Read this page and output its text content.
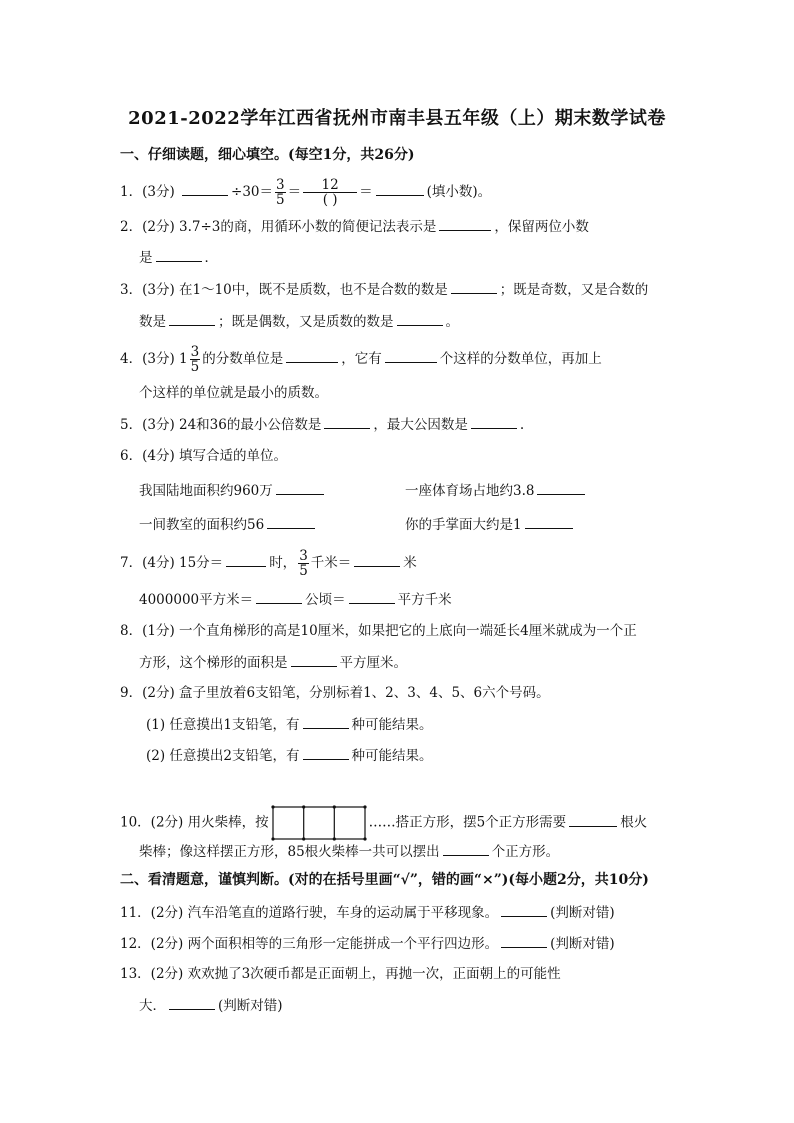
2021-2022学年江西省抚州市南丰县五年级（上）期末数学试卷
一、仔细读题，细心填空。(每空1分，共26分)
1．(3分)	$\div 30= \frac{3}{5} = \frac{12}{( )}$ ＝	(填小数)。
2．(2分) 3.7÷3的商，用循环小数的简便记法表示是	，保留两位小数
是	．
3．(3分) 在1～10中，既不是质数，也不是合数的数是	；既是奇数，又是合数的
数是	；既是偶数，又是质数的数是	。
4．(3分) $1 \frac{3}{5}$ 的分数单位是	，它有	个这样的分数单位，再加上
个这样的单位就是最小的质数。
5．(3分) 24和36的最小公倍数是	，最大公因数是	.
6．(4分) 填写合适的单位。
我国陆地面积约960万	一座体育场占地约3.8
一间教室的面积约56	你的手掌面大约是1
7．(4分) 15分＝	时， $\frac{3}{5}$ 千米＝	米
4000000平方米＝	公顷＝	平方千米
8．(1分) 一个直角梯形的高是10厘米，如果把它的上底向一端延长4厘米就成为一个正
方形，这个梯形的面积是	平方厘米。
9．(2分) 盒子里放着6支铅笔，分别标着1、2、3、4、5、6六个号码。
(1) 任意摸出1支铅笔，有	种可能结果。
(2) 任意摸出2支铅笔，有	种可能结果。
10．(2分) 用火柴棒，按	……搭正方形，摆5个正方形需要	根火
柴棒；像这样摆正方形，85根火柴棒一共可以摆出	个正方形。
二、看清题意，谨慎判断。(对的在括号里画“√”，错的画“×”)(每小题2分，共10分)
11．(2分) 汽车沿笔直的道路行驶，车身的运动属于平移现象。	(判断对错)
12．(2分) 两个面积相等的三角形一定能拼成一个平行四边形。	(判断对错)
13．(2分) 欢欢抛了3次硬币都是正面朝上，再抛一次，正面朝上的可能性
大．	(判断对错)
